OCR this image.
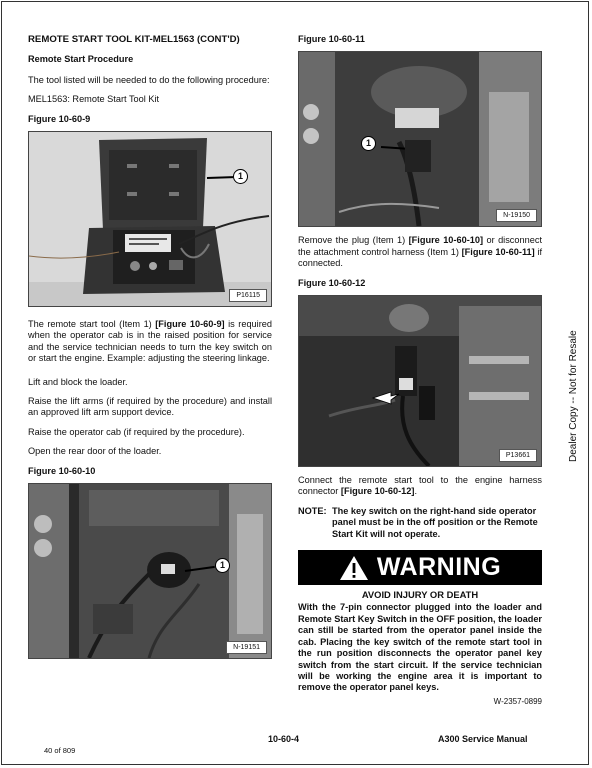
REMOTE START TOOL KIT-MEL1563 (CONT'D)
Remote Start Procedure
The tool listed will be needed to do the following procedure:
MEL1563: Remote Start Tool Kit
Figure 10-60-9
1
P16115
The remote start tool (Item 1) [Figure 10-60-9] is required when the operator cab is in the raised position for service and the service technician needs to turn the key switch on or start the engine. Example: adjusting the steering linkage.
Lift and block the loader.
Raise the lift arms (if required by the procedure) and install an approved lift arm support device.
Raise the operator cab (if required by the procedure).
Open the rear door of the loader.
Figure 10-60-10
1
N-19151
Figure 10-60-11
1
N-19150
Remove the plug (Item 1) [Figure 10-60-10] or disconnect the attachment control harness (Item 1) [Figure 10-60-11] if connected.
Figure 10-60-12
P13661
Connect the remote start tool to the engine harness connector [Figure 10-60-12].
NOTE: The key switch on the right-hand side operator panel must be in the off position or the Remote Start Kit will not operate.
WARNING
AVOID INJURY OR DEATH
With the 7-pin connector plugged into the loader and Remote Start Key Switch in the OFF position, the loader can still be started from the operator panel inside the cab. Placing the key switch of the remote start tool in the run position disconnects the operator panel key switch from the start circuit. If the service technician will be working the engine area it is important to remove the operator panel keys.
W-2357-0899
Dealer Copy -- Not for Resale
10-60-4	A300 Service Manual
40 of 809
